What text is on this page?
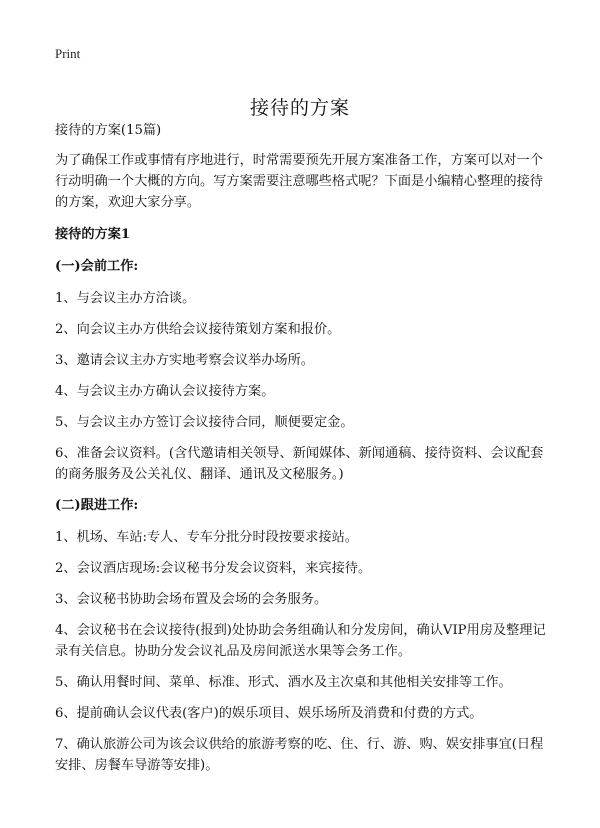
Print
接待的方案

接待的方案(15篇)

为了确保工作或事情有序地进行，时常需要预先开展方案准备工作，方案可以对一个行动明确一个大概的方向。写方案需要注意哪些格式呢？下面是小编精心整理的接待的方案，欢迎大家分享。

接待的方案1

(一)会前工作:

1、与会议主办方洽谈。

2、向会议主办方供给会议接待策划方案和报价。

3、邀请会议主办方实地考察会议举办场所。

4、与会议主办方确认会议接待方案。

5、与会议主办方签订会议接待合同，顺便要定金。

6、准备会议资料。(含代邀请相关领导、新闻媒体、新闻通稿、接待资料、会议配套的商务服务及公关礼仪、翻译、通讯及文秘服务。)

(二)跟进工作:

1、机场、车站:专人、专车分批分时段按要求接站。

2、会议酒店现场:会议秘书分发会议资料，来宾接待。

3、会议秘书协助会场布置及会场的会务服务。

4、会议秘书在会议接待(报到)处协助会务组确认和分发房间，确认VIP用房及整理记录有关信息。协助分发会议礼品及房间派送水果等会务工作。

5、确认用餐时间、菜单、标准、形式、酒水及主次桌和其他相关安排等工作。

6、提前确认会议代表(客户)的娱乐项目、娱乐场所及消费和付费的方式。

7、确认旅游公司为该会议供给的旅游考察的吃、住、行、游、购、娱安排事宜(日程安排、房餐车导游等安排)。
